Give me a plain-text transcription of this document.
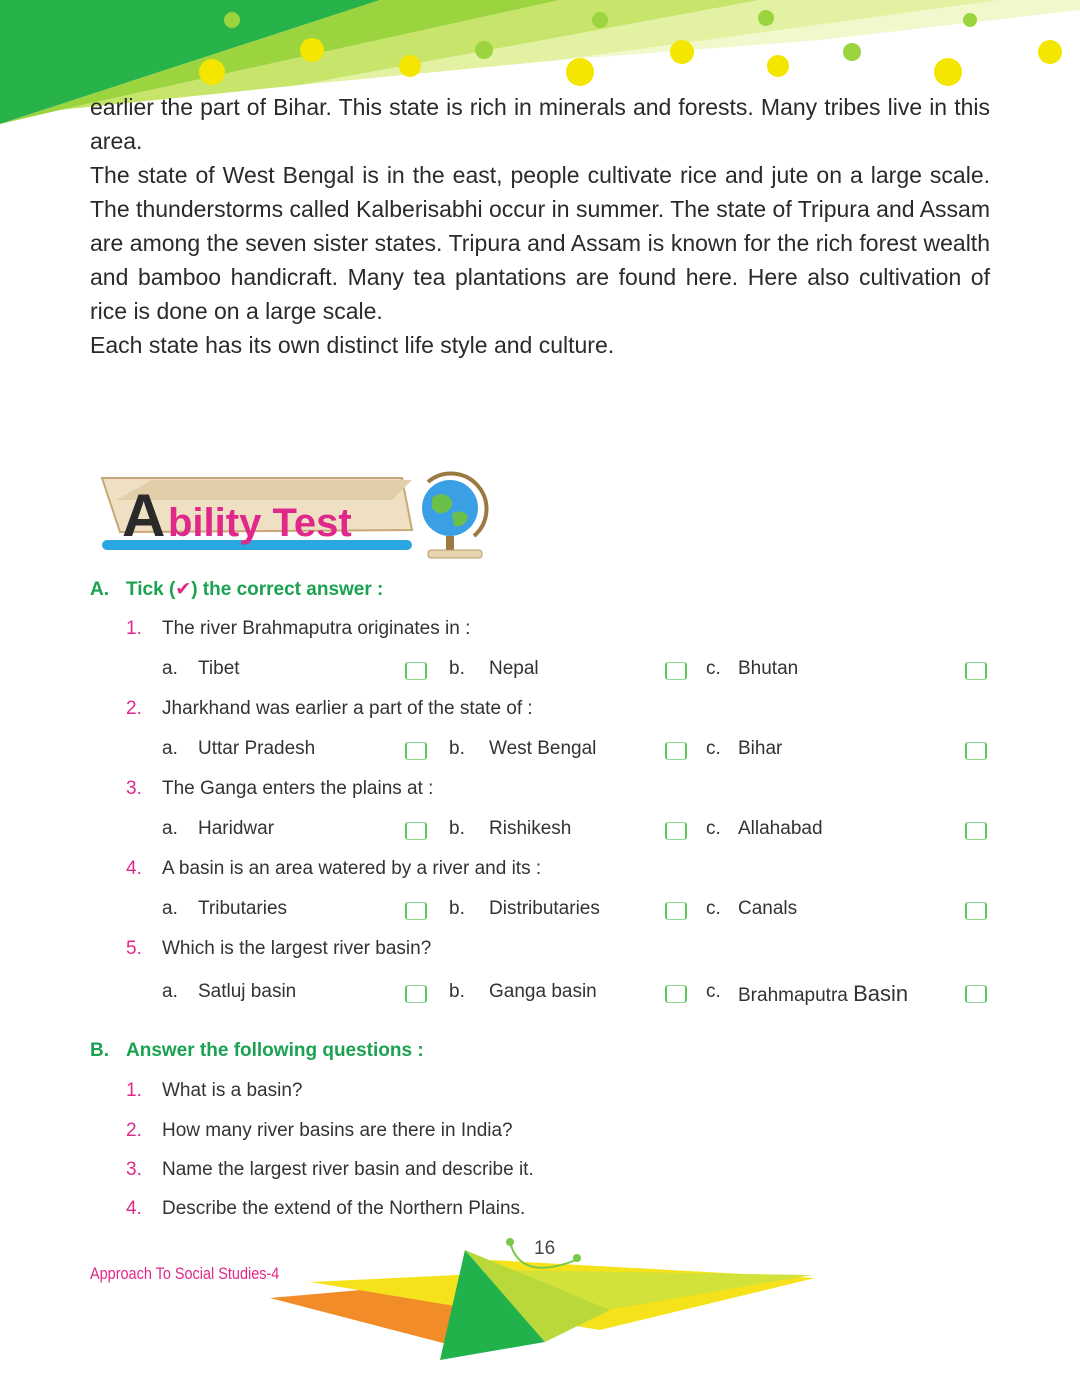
earlier the part of Bihar. This state is rich in minerals and forests. Many tribes live in this area.

The state of West Bengal is in the east, people cultivate rice and jute on a large scale. The thunderstorms called Kalberisabhi occur in summer. The state of Tripura and Assam are among the seven sister states. Tripura and Assam is known for the rich forest wealth and bamboo handicraft. Many tea plantations are found here. Here also cultivation of rice is done on a large scale.

Each state has its own distinct life style and culture.

A bility Test
A. Tick (✔) the correct answer :
1. The river Brahmaputra originates in :
a. Tibet	b. Nepal	c. Bhutan
2. Jharkhand was earlier a part of the state of :
a. Uttar Pradesh	b. West Bengal	c. Bihar
3. The Ganga enters the plains at :
a. Haridwar	b. Rishikesh	c. Allahabad
4. A basin is an area watered by a river and its :
a. Tributaries	b. Distributaries	c. Canals
5. Which is the largest river basin?
a. Satluj basin	b. Ganga basin	c. Brahmaputra Basin
B. Answer the following questions :
1. What is a basin?
2. How many river basins are there in India?
3. Name the largest river basin and describe it.
4. Describe the extend of the Northern Plains.
Approach To Social Studies-4
16
